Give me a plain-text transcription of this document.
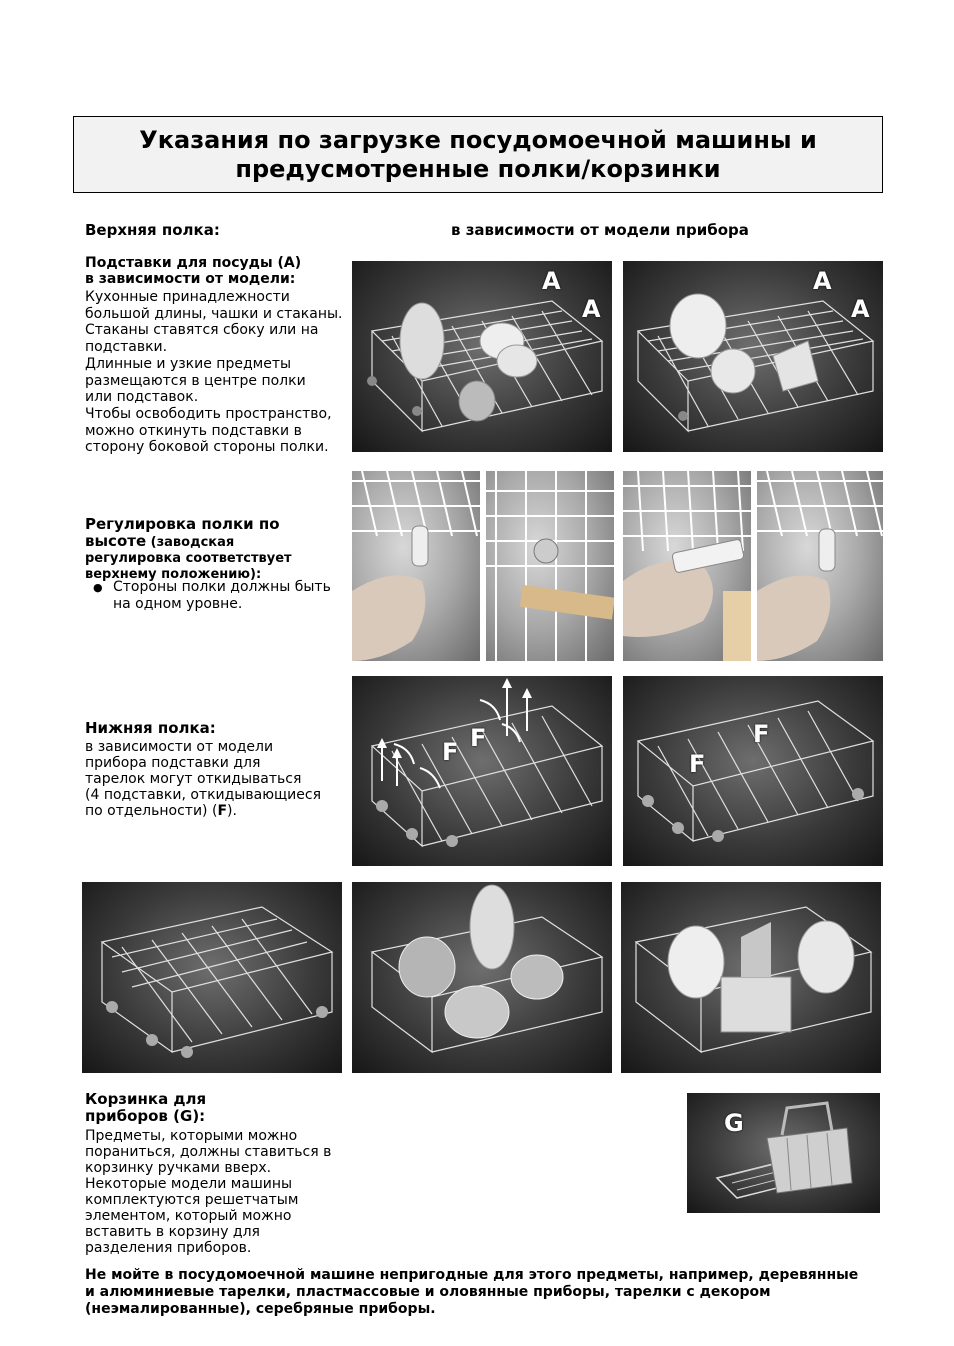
Указания по загрузке посудомоечной машины и
предусмотренные полки/корзинки
Верхняя полка:	в зависимости от модели прибора
Подставки для посуды (A)
в зависимости от модели:
Кухонные принадлежности
большой длины, чашки и стаканы.
Стаканы ставятся сбоку или на
подставки.
Длинные и узкие предметы
размещаются в центре полки
или подставок.
Чтобы освободить пространство,
можно откинуть подставки в
сторону боковой стороны полки.
A
A
A
A
Регулировка полки по
высоте (заводская
регулировка соответствует
верхнему положению):
● Стороны полки должны быть
на одном уровне.
Нижняя полка:
в зависимости от модели
прибора подставки для
тарелок могут откидываться
(4 подставки, откидывающиеся
по отдельности) (F).
F F
F
F
Корзинка для
приборов (G):
Предметы, которыми можно
порaниться, должны ставиться в
корзинку ручками вверх.
Некоторые модели машины
комплектуются решетчатым
элементом, который можно
вставить в корзину для
разделения приборов.
G
Не мойте в посудомоечной машине непригодные для этого предметы, например, деревянные
и алюминиевые тарелки, пластмассовые и оловянные приборы, тарелки с декором
(неэмалированные), серебряные приборы.
